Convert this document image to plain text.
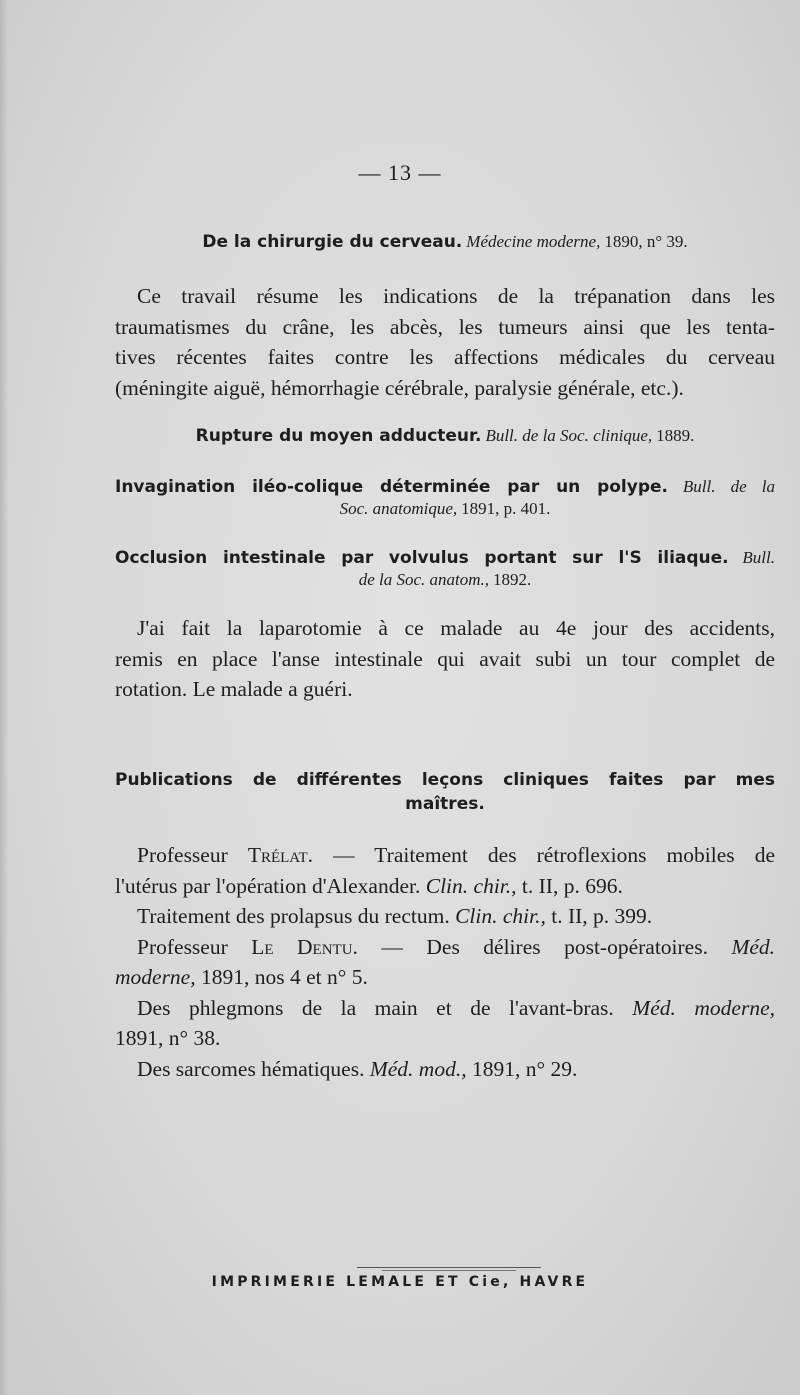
— 13 —
De la chirurgie du cerveau. Médecine moderne, 1890, n° 39.
Ce travail résume les indications de la trépanation dans les
traumatismes du crâne, les abcès, les tumeurs ainsi que les tenta-
tives récentes faites contre les affections médicales du cerveau
(méningite aiguë, hémorrhagie cérébrale, paralysie générale, etc.).
Rupture du moyen adducteur. Bull. de la Soc. clinique, 1889.
Invagination iléo-colique déterminée par un polype. Bull. de la
Soc. anatomique, 1891, p. 401.
Occlusion intestinale par volvulus portant sur l'S iliaque. Bull.
de la Soc. anatom., 1892.
J'ai fait la laparotomie à ce malade au 4e jour des accidents,
remis en place l'anse intestinale qui avait subi un tour complet de
rotation. Le malade a guéri.
Publications de différentes leçons cliniques faites par mes
maîtres.
Professeur Trélat. — Traitement des rétroflexions mobiles de
l'utérus par l'opération d'Alexander. Clin. chir., t. II, p. 696.
Traitement des prolapsus du rectum. Clin. chir., t. II, p. 399.
Professeur Le Dentu. — Des délires post-opératoires. Méd.
moderne, 1891, nos 4 et n° 5.
Des phlegmons de la main et de l'avant-bras. Méd. moderne,
1891, n° 38.
Des sarcomes hématiques. Méd. mod., 1891, n° 29.
IMPRIMERIE LEMALE ET Cie, HAVRE
